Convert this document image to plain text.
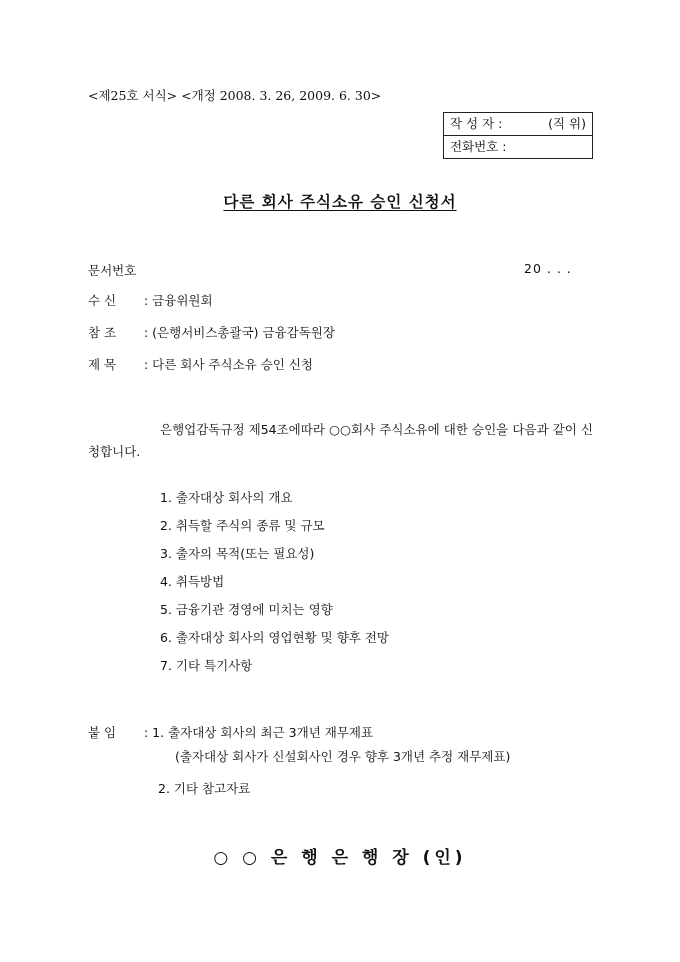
<제25호 서식> <개정 2008. 3. 26, 2009. 6. 30>
작 성 자 :	(직 위)
전화번호 :
다른 회사 주식소유 승인 신청서
문서번호	20 . . .
수 신 : 금융위원회
참 조 : (은행서비스총괄국) 금융감독원장
제 목 : 다른 회사 주식소유 승인 신청
은행업감독규정 제54조에따라 ○○회사 주식소유에 대한 승인을 다음과 같이 신청합니다.
1. 출자대상 회사의 개요
2. 취득할 주식의 종류 및 규모
3. 출자의 목적(또는 필요성)
4. 취득방법
5. 금융기관 경영에 미치는 영향
6. 출자대상 회사의 영업현황 및 향후 전망
7. 기타 특기사항
붙 임 : 1. 출자대상 회사의 최근 3개년 재무제표
(출자대상 회사가 신설회사인 경우 향후 3개년 추정 재무제표)
2. 기타 참고자료
○ ○ 은 행 은 행 장 (인)
